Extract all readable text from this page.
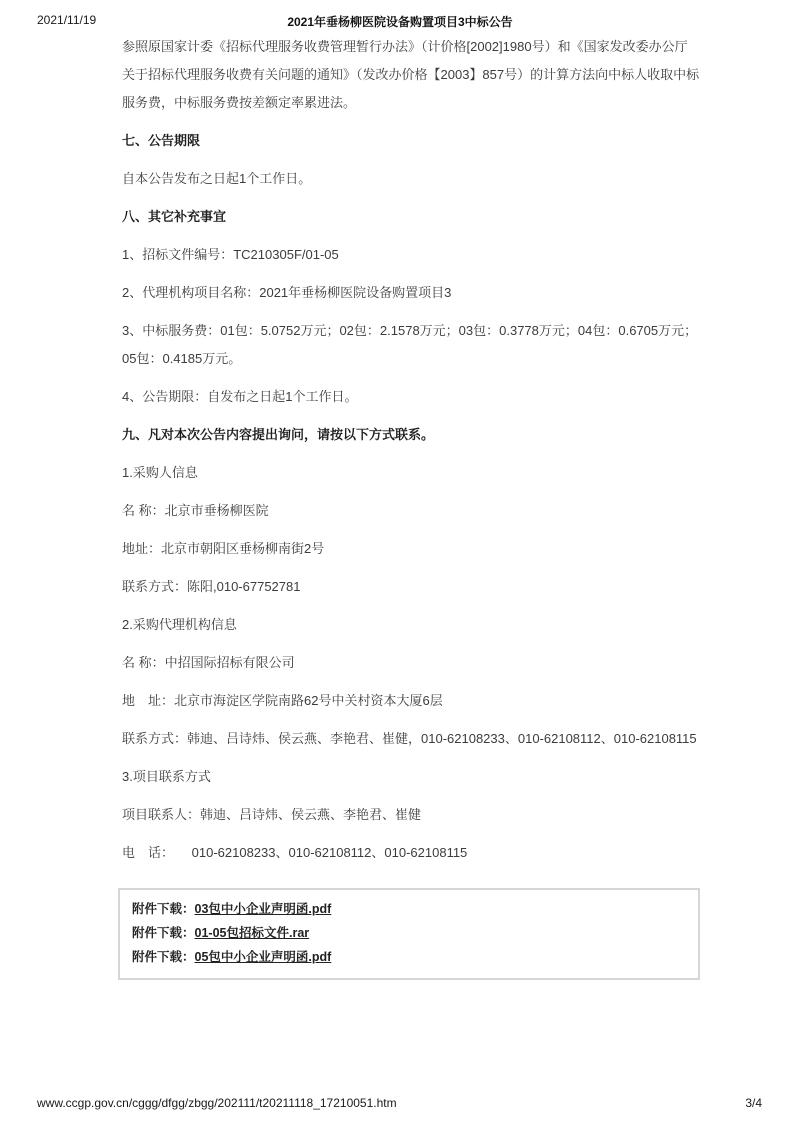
2021/11/19	2021年垂杨柳医院设备购置项目3中标公告

参照原国家计委《招标代理服务收费管理暂行办法》（计价格[2002]1980号）和《国家发改委办公厅关于招标代理服务收费有关问题的通知》（发改办价格【2003】857号）的计算方法向中标人收取中标服务费，中标服务费按差额定率累进法。

七、公告期限

自本公告发布之日起1个工作日。

八、其它补充事宜

1、招标文件编号：TC210305F/01-05

2、代理机构项目名称：2021年垂杨柳医院设备购置项目3

3、中标服务费：01包：5.0752万元；02包：2.1578万元；03包：0.3778万元；04包：0.6705万元；05包：0.4185万元。

4、公告期限：自发布之日起1个工作日。

九、凡对本次公告内容提出询问，请按以下方式联系。

1.采购人信息

名 称：北京市垂杨柳医院

地址：北京市朝阳区垂杨柳南街2号

联系方式：陈阳,010-67752781

2.采购代理机构信息

名 称：中招国际招标有限公司

地　址：北京市海淀区学院南路62号中关村资本大厦6层

联系方式：韩迪、吕诗炜、侯云燕、李艳君、崔健，010-62108233、010-62108112、010-62108115

3.项目联系方式

项目联系人：韩迪、吕诗炜、侯云燕、李艳君、崔健

电　话： 010-62108233、010-62108112、010-62108115

附件下载：03包中小企业声明函.pdf
附件下载：01-05包招标文件.rar
附件下载：05包中小企业声明函.pdf
www.ccgp.gov.cn/cggg/dfgg/zbgg/202111/t20211118_17210051.htm	3/4
